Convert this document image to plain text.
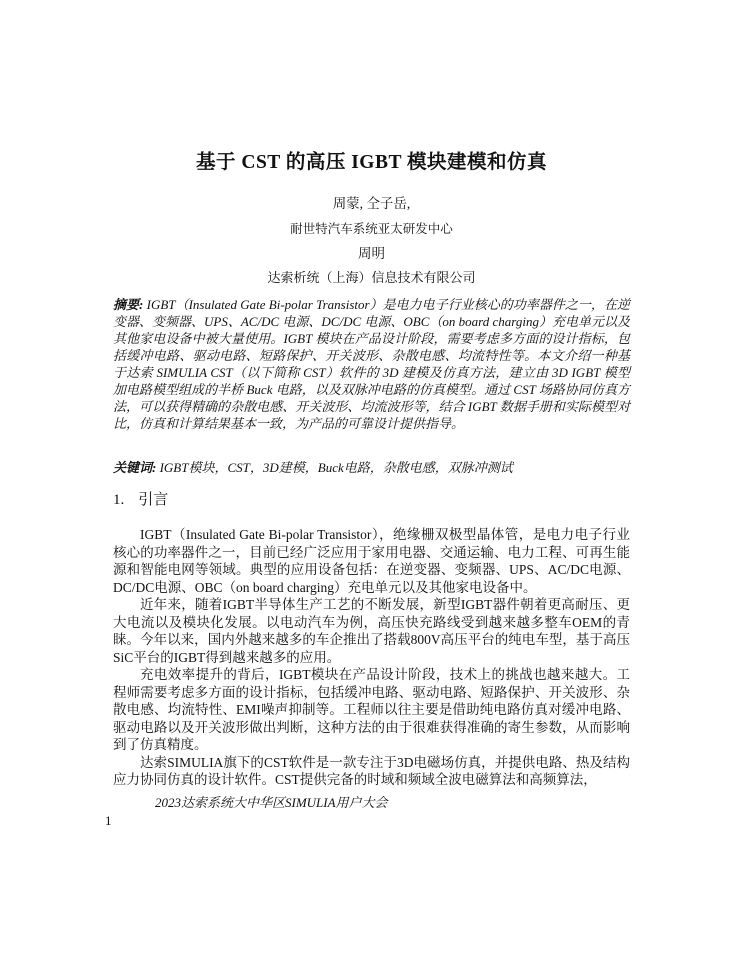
基于 CST 的高压 IGBT 模块建模和仿真

周蒙, 仝子岳,

耐世特汽车系统亚太研发中心

周明

达索析统（上海）信息技术有限公司

摘要: IGBT（Insulated Gate Bi-polar Transistor）是电力电子行业核心的功率器件之一，在逆变器、变频器、UPS、AC/DC 电源、DC/DC 电源、OBC（on board charging）充电单元以及其他家电设备中被大量使用。IGBT 模块在产品设计阶段，需要考虑多方面的设计指标，包括缓冲电路、驱动电路、短路保护、开关波形、杂散电感、均流特性等。本文介绍一种基于达索 SIMULIA CST（以下简称 CST）软件的 3D 建模及仿真方法，建立由 3D IGBT 模型加电路模型组成的半桥 Buck 电路，以及双脉冲电路的仿真模型。通过 CST 场路协同仿真方法，可以获得精确的杂散电感、开关波形、均流波形等，结合 IGBT 数据手册和实际模型对比，仿真和计算结果基本一致，为产品的可靠设计提供指导。

关键词: IGBT模块，CST，3D建模，Buck电路，杂散电感，双脉冲测试

1. 引言

IGBT（Insulated Gate Bi-polar Transistor），绝缘栅双极型晶体管，是电力电子行业核心的功率器件之一，目前已经广泛应用于家用电器、交通运输、电力工程、可再生能源和智能电网等领域。典型的应用设备包括：在逆变器、变频器、UPS、AC/DC电源、DC/DC电源、OBC（on board charging）充电单元以及其他家电设备中。

近年来，随着IGBT半导体生产工艺的不断发展，新型IGBT器件朝着更高耐压、更大电流以及模块化发展。以电动汽车为例，高压快充路线受到越来越多整车OEM的青睐。今年以来，国内外越来越多的车企推出了搭载800V高压平台的纯电车型，基于高压SiC平台的IGBT得到越来越多的应用。

充电效率提升的背后，IGBT模块在产品设计阶段，技术上的挑战也越来越大。工程师需要考虑多方面的设计指标，包括缓冲电路、驱动电路、短路保护、开关波形、杂散电感、均流特性、EMI噪声抑制等。工程师以往主要是借助纯电路仿真对缓冲电路、驱动电路以及开关波形做出判断，这种方法的由于很难获得准确的寄生参数，从而影响到了仿真精度。

达索SIMULIA旗下的CST软件是一款专注于3D电磁场仿真，并提供电路、热及结构应力协同仿真的设计软件。CST提供完备的时域和频域全波电磁算法和高频算法，

2023达索系统大中华区SIMULIA用户大会

1
